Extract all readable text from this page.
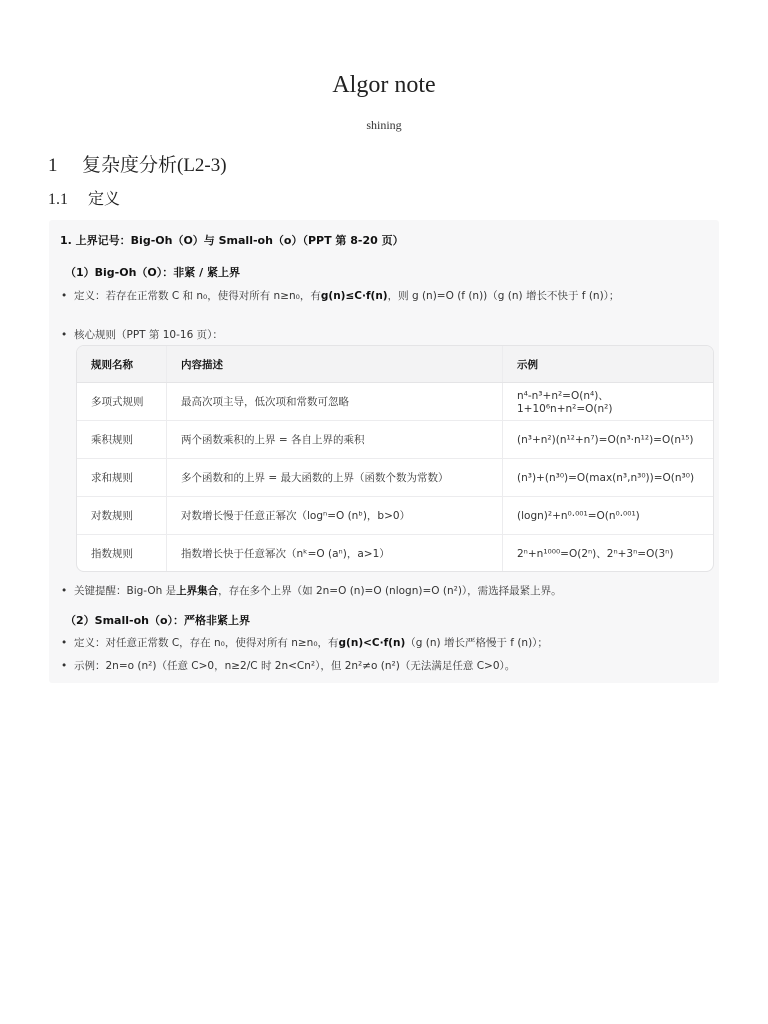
Algor note
shining
1 复杂度分析(L2-3)
1.1 定义
1. 上界记号：Big-Oh（O）与 Small-oh（o）（PPT 第 8-20 页）
（1）Big-Oh（O）：非紧 / 紧上界
• 定义：若存在正常数 C 和 n₀，使得对所有 n≥n₀，有g(n)≤C·f(n)，则 g (n)=O (f (n))（g (n) 增长不快于 f (n)）；
• 核心规则（PPT 第 10-16 页）：
规则名称	内容描述	示例
多项式规则	最高次项主导，低次项和常数可忽略	n⁴-n³+n²=O(n⁴)、1+10⁶n+n²=O(n²)
乘积规则	两个函数乘积的上界 = 各自上界的乘积	(n³+n²)(n¹²+n⁷)=O(n³·n¹²)=O(n¹⁵)
求和规则	多个函数和的上界 = 最大函数的上界（函数个数为常数）	(n³)+(n³⁰)=O(max(n³,n³⁰))=O(n³⁰)
对数规则	对数增长慢于任意正幂次（logⁿ=O (nᵇ)，b>0）	(logn)²+n⁰·⁰⁰¹=O(n⁰·⁰⁰¹)
指数规则	指数增长快于任意幂次（nᵏ=O (aⁿ)，a>1）	2ⁿ+n¹⁰⁰⁰=O(2ⁿ)、2ⁿ+3ⁿ=O(3ⁿ)
• 关键提醒：Big-Oh 是上界集合，存在多个上界（如 2n=O (n)=O (nlogn)=O (n²)），需选择最紧上界。
（2）Small-oh（o）：严格非紧上界
• 定义：对任意正常数 C，存在 n₀，使得对所有 n≥n₀，有g(n)<C·f(n)（g (n) 增长严格慢于 f (n)）；
• 示例：2n=o (n²)（任意 C>0，n≥2/C 时 2n<Cn²），但 2n²≠o (n²)（无法满足任意 C>0）。
